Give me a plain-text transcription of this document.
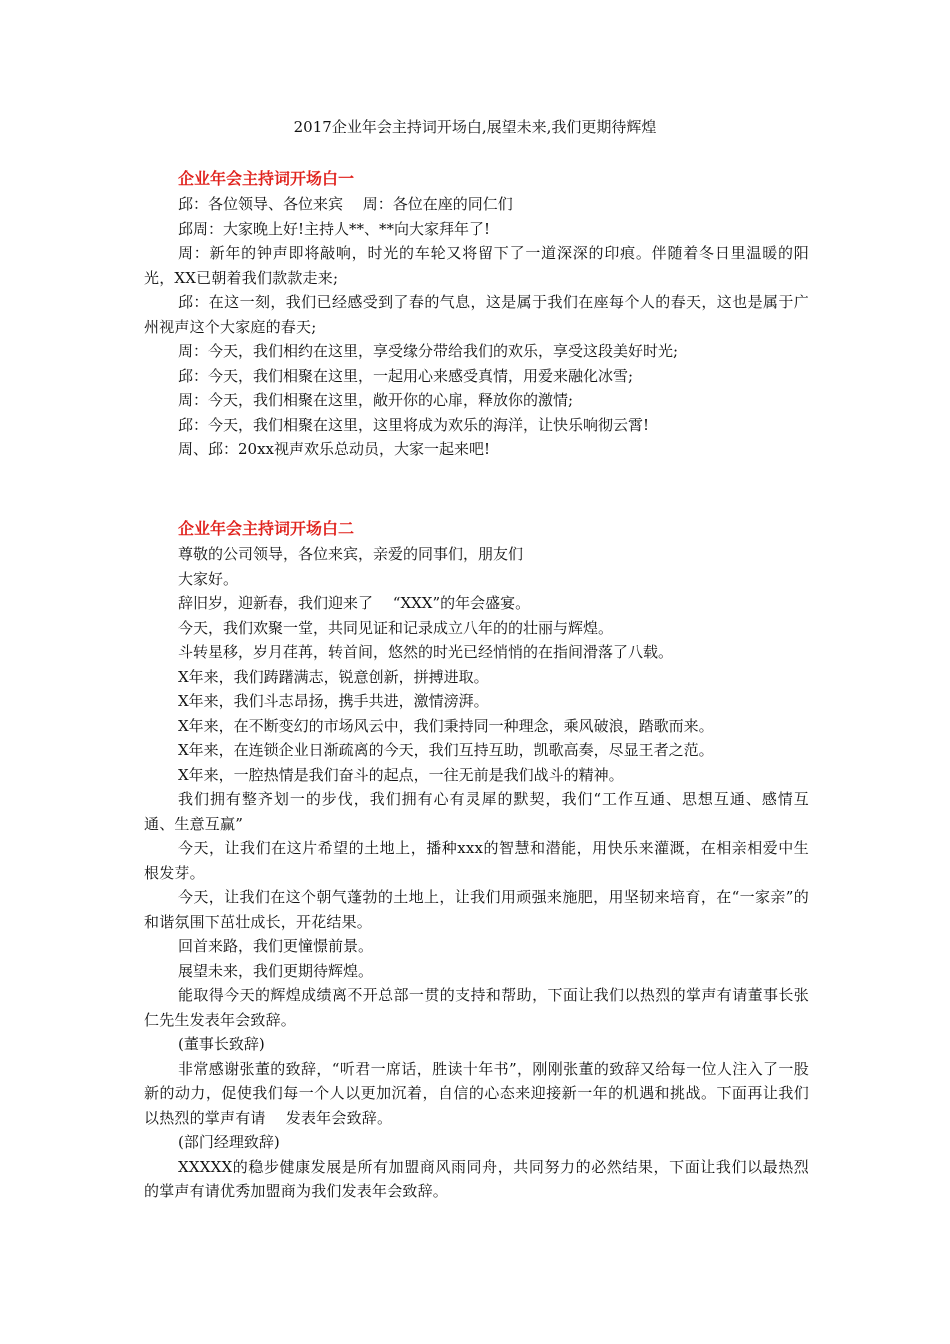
2017企业年会主持词开场白,展望未来,我们更期待辉煌

企业年会主持词开场白一

邱：各位领导、各位来宾　 周：各位在座的同仁们

邱周：大家晚上好!主持人**、**向大家拜年了!

周：新年的钟声即将敲响，时光的车轮又将留下了一道深深的印痕。伴随着冬日里温暖的阳光，XX已朝着我们款款走来;

邱：在这一刻，我们已经感受到了春的气息，这是属于我们在座每个人的春天，这也是属于广州视声这个大家庭的春天;

周：今天，我们相约在这里，享受缘分带给我们的欢乐，享受这段美好时光;

邱：今天，我们相聚在这里，一起用心来感受真情，用爱来融化冰雪;

周：今天，我们相聚在这里，敞开你的心扉，释放你的激情;

邱：今天，我们相聚在这里，这里将成为欢乐的海洋，让快乐响彻云霄!

周、邱：20xx视声欢乐总动员，大家一起来吧!

企业年会主持词开场白二

尊敬的公司领导，各位来宾，亲爱的同事们，朋友们

大家好。

辞旧岁，迎新春，我们迎来了　 “XXX”的年会盛宴。

今天，我们欢聚一堂，共同见证和记录成立八年的的壮丽与辉煌。

斗转星移，岁月荏苒，转首间，悠然的时光已经悄悄的在指间滑落了八载。

X年来，我们踌躇满志，锐意创新，拼搏进取。

X年来，我们斗志昂扬，携手共进，激情滂湃。

X年来，在不断变幻的市场风云中，我们秉持同一种理念，乘风破浪，踏歌而来。

X年来，在连锁企业日渐疏离的今天，我们互持互助，凯歌高奏，尽显王者之范。

X年来，一腔热情是我们奋斗的起点，一往无前是我们战斗的精神。

我们拥有整齐划一的步伐，我们拥有心有灵犀的默契，我们“工作互通、思想互通、感情互通、生意互赢”

今天，让我们在这片希望的土地上，播种xxx的智慧和潜能，用快乐来灌溉，在相亲相爱中生根发芽。

今天，让我们在这个朝气蓬勃的土地上，让我们用顽强来施肥，用坚韧来培育，在“一家亲”的和谐氛围下茁壮成长，开花结果。

回首来路，我们更憧憬前景。

展望未来，我们更期待辉煌。

能取得今天的辉煌成绩离不开总部一贯的支持和帮助，下面让我们以热烈的掌声有请董事长张仁先生发表年会致辞。

(董事长致辞)

非常感谢张董的致辞，“听君一席话，胜读十年书”，刚刚张董的致辞又给每一位人注入了一股新的动力，促使我们每一个人以更加沉着，自信的心态来迎接新一年的机遇和挑战。下面再让我们以热烈的掌声有请　 发表年会致辞。

(部门经理致辞)

XXXXX的稳步健康发展是所有加盟商风雨同舟，共同努力的必然结果，下面让我们以最热烈的掌声有请优秀加盟商为我们发表年会致辞。
